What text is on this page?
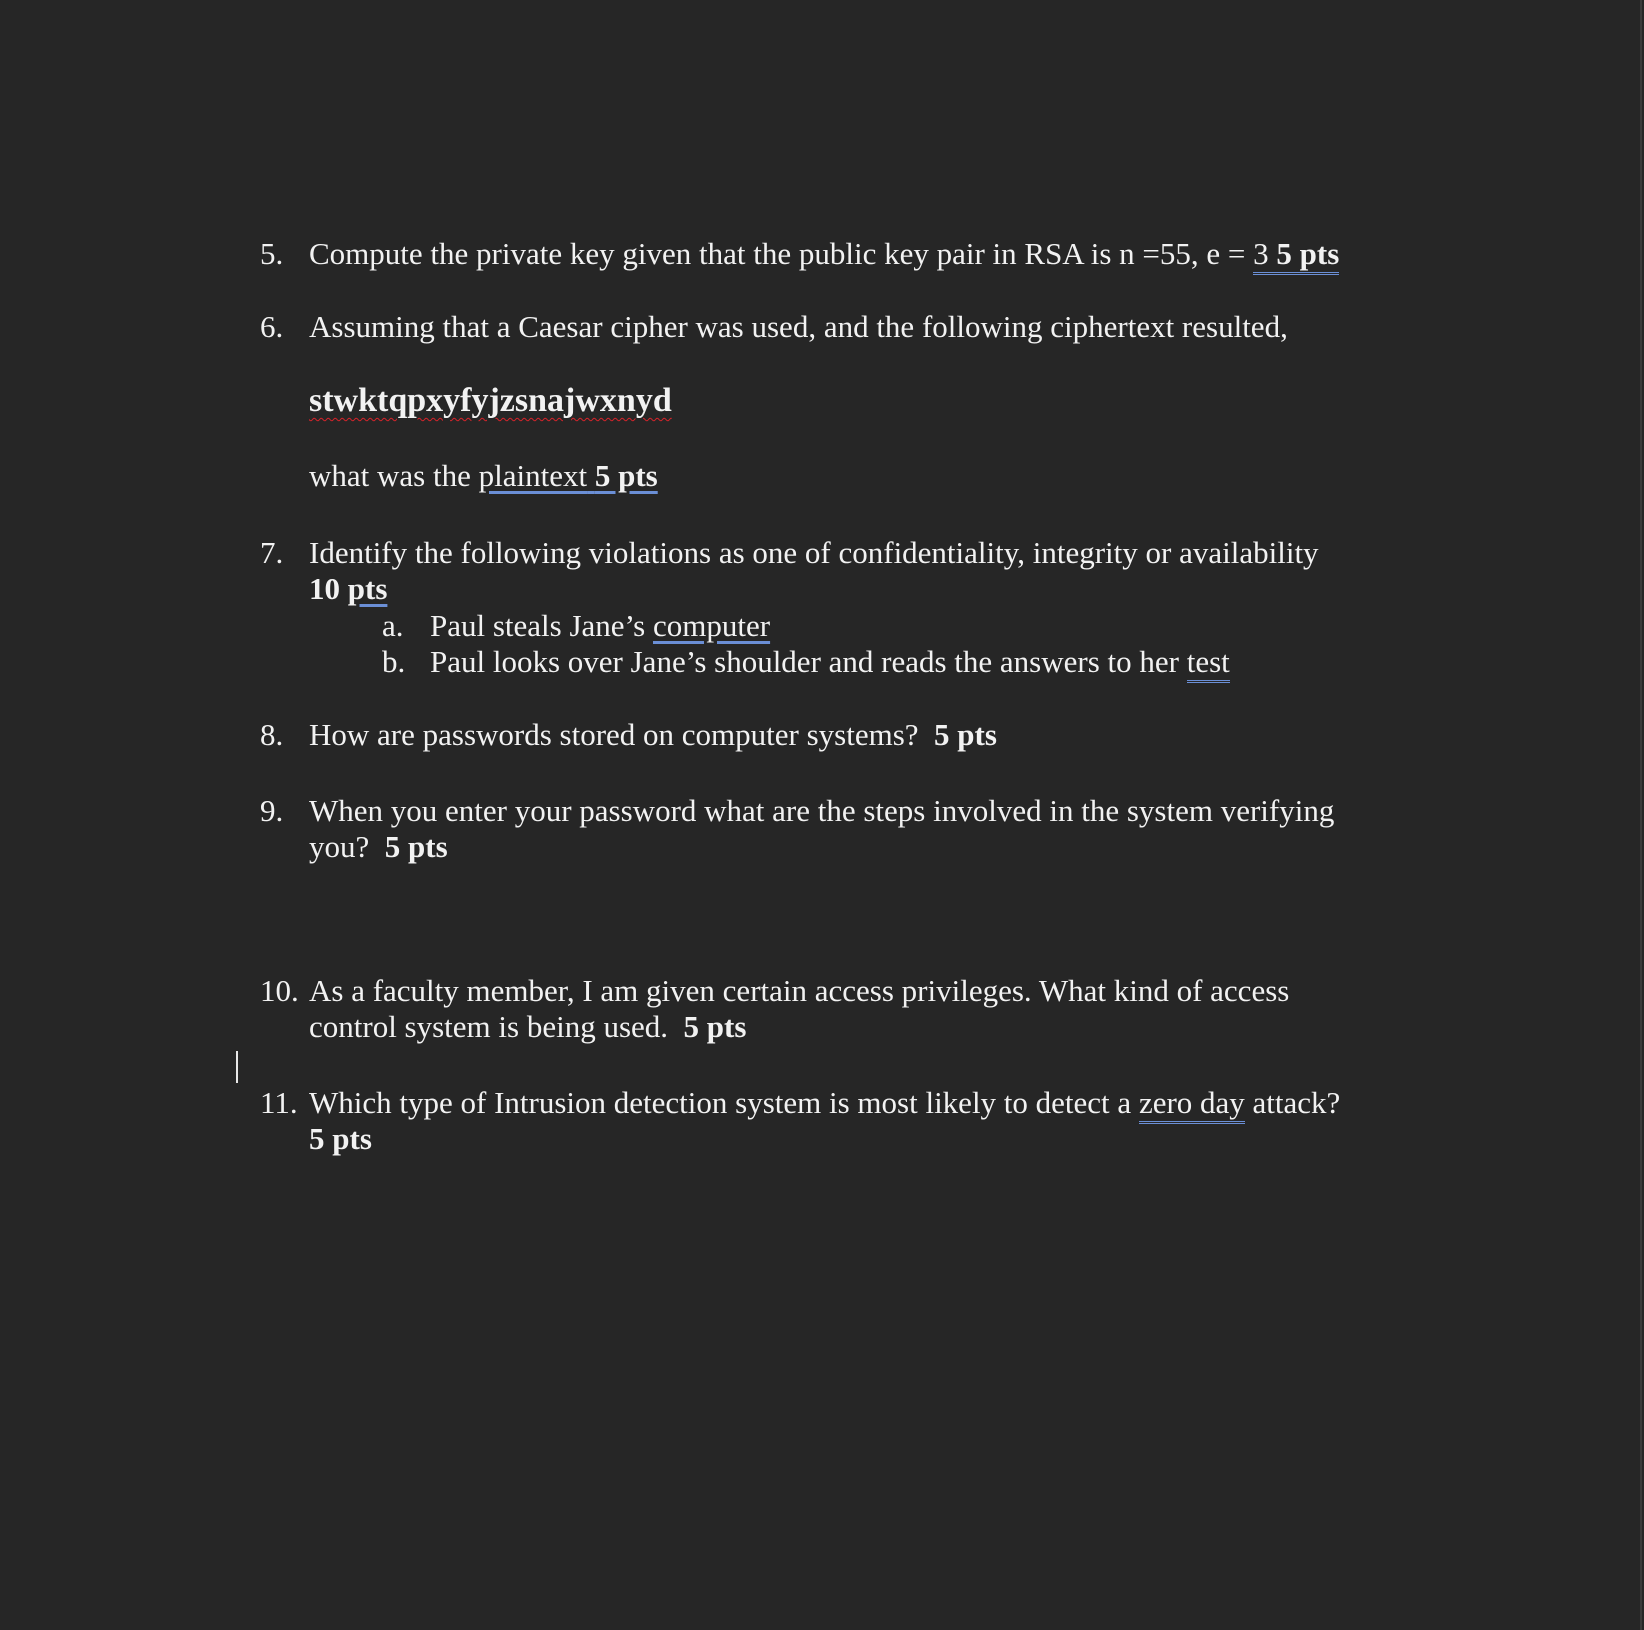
5. Compute the private key given that the public key pair in RSA is n =55, e = 3 5 pts
6. Assuming that a Caesar cipher was used, and the following ciphertext resulted,
stwktqpxyfyjzsnajwxnyd
what was the plaintext 5 pts
7. Identify the following violations as one of confidentiality, integrity or availability
10 pts
a. Paul steals Jane’s computer
b. Paul looks over Jane’s shoulder and reads the answers to her test
8. How are passwords stored on computer systems?  5 pts
9. When you enter your password what are the steps involved in the system verifying
you?  5 pts
10. As a faculty member, I am given certain access privileges. What kind of access
control system is being used.  5 pts
11. Which type of Intrusion detection system is most likely to detect a zero day attack?
5 pts
